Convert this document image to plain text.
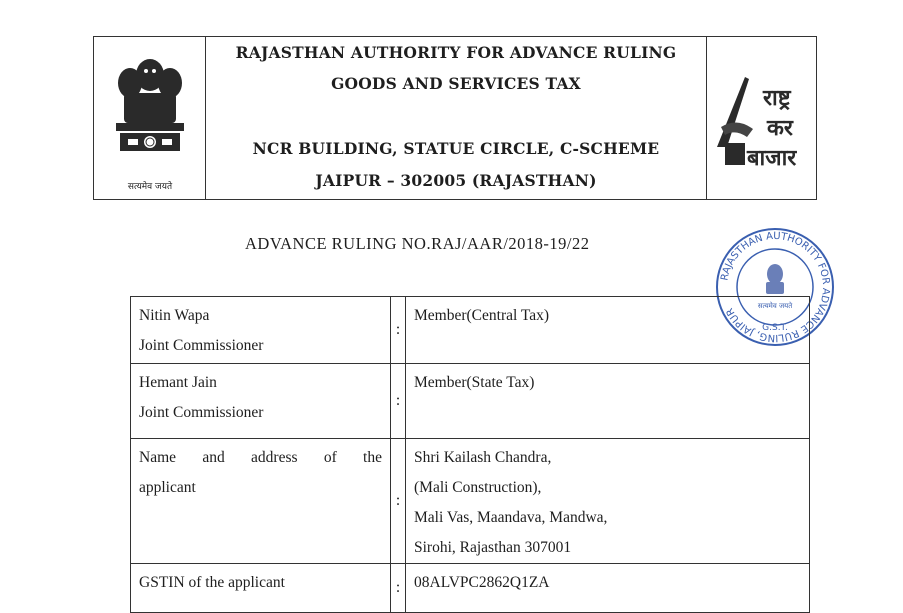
सत्यमेव जयते
RAJASTHAN AUTHORITY FOR ADVANCE RULING
GOODS AND SERVICES TAX
NCR BUILDING, STATUE CIRCLE, C-SCHEME
JAIPUR – 302005 (RAJASTHAN)
राष्ट्र
कर
बाजार
ADVANCE RULING NO.RAJ/AAR/2018-19/22
RAJASTHAN AUTHORITY FOR ADVANCE RULING, JAIPUR	सत्यमेव जयते
G.S.T.
Nitin Wapa
Joint Commissioner	:	Member(Central Tax)

Hemant Jain
Joint Commissioner	:	Member(State Tax)

Name and address of the
applicant	:	Shri Kailash Chandra,
(Mali Construction),
Mali Vas, Maandava, Mandwa,
Sirohi, Rajasthan 307001

GSTIN of the applicant	:	08ALVPC2862Q1ZA
